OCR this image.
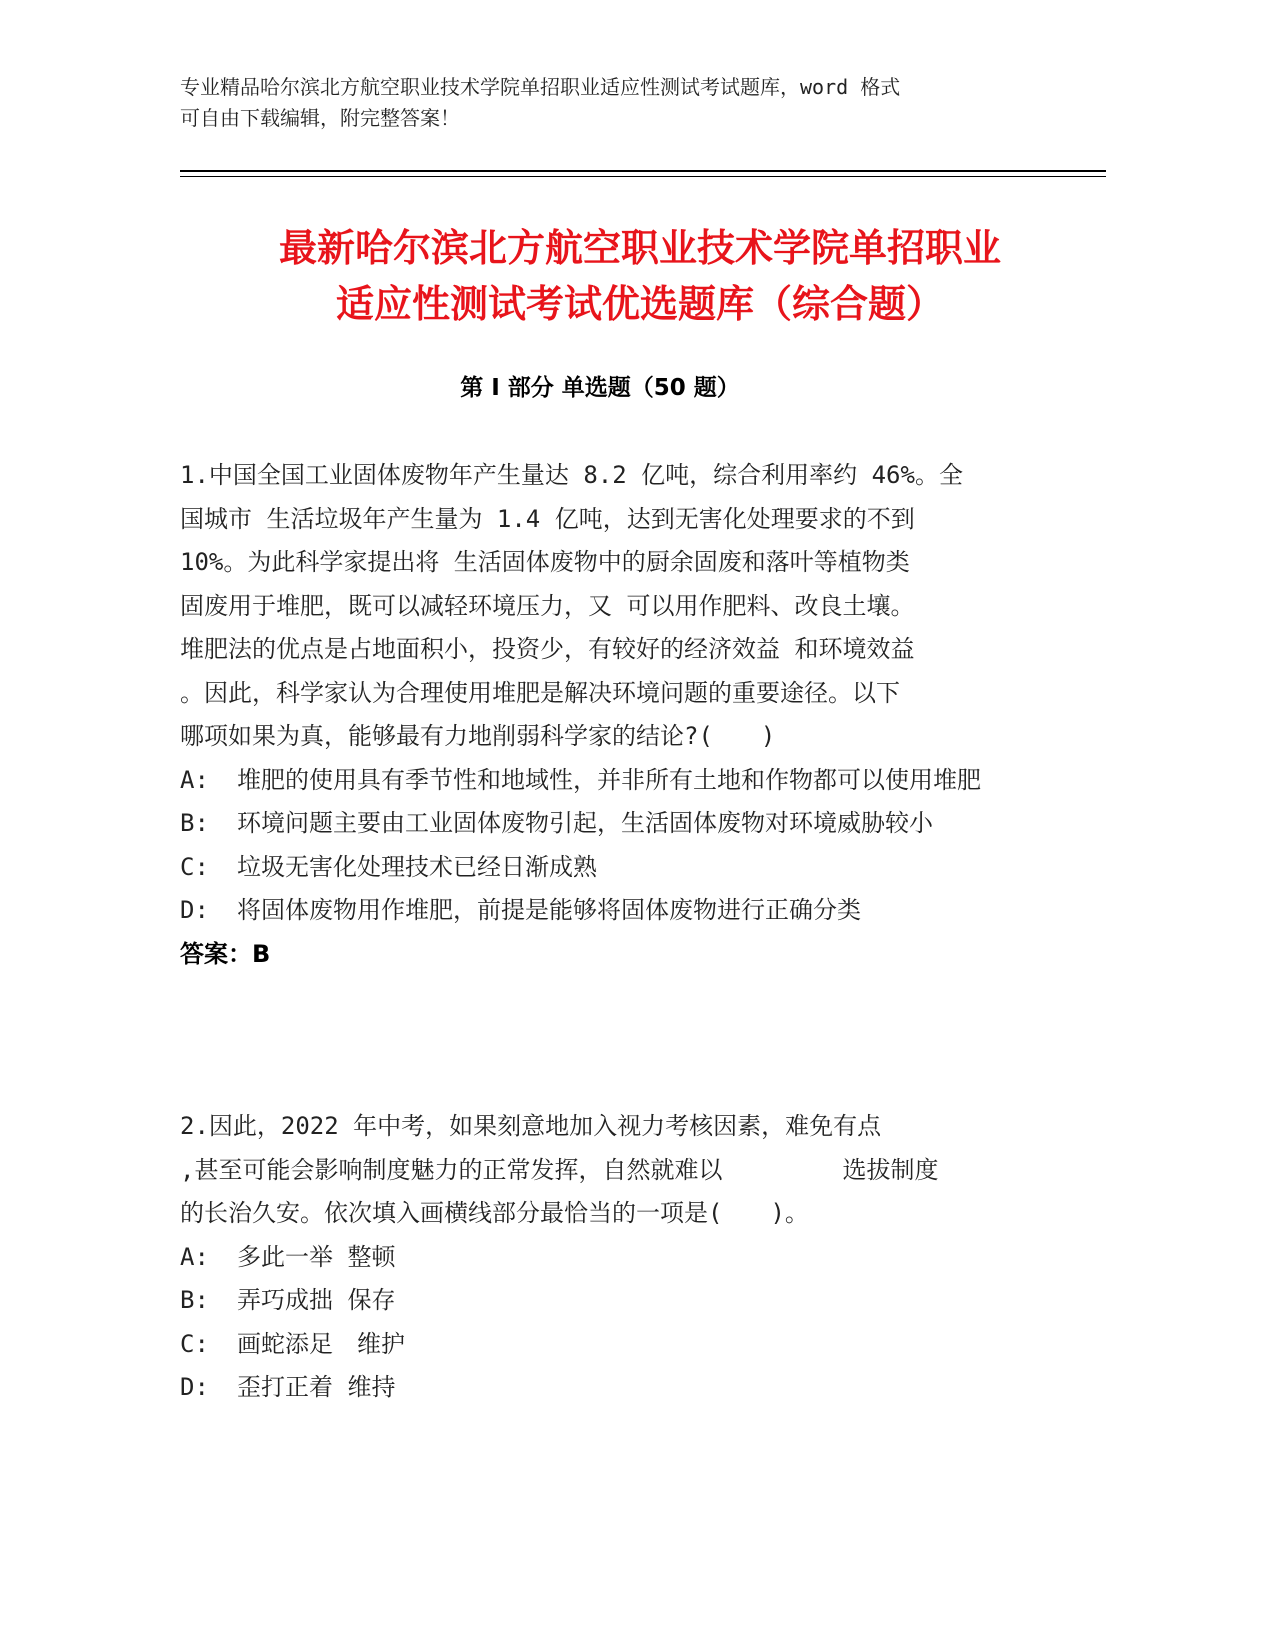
专业精品哈尔滨北方航空职业技术学院单招职业适应性测试考试题库，word 格式
可自由下载编辑，附完整答案！
最新哈尔滨北方航空职业技术学院单招职业
适应性测试考试优选题库（综合题）
第 I 部分 单选题（50 题）

1.中国全国工业固体废物年产生量达 8.2 亿吨，综合利用率约 46%。全

国城市 生活垃圾年产生量为 1.4 亿吨，达到无害化处理要求的不到

10%。为此科学家提出将 生活固体废物中的厨余固废和落叶等植物类

固废用于堆肥，既可以减轻环境压力，又 可以用作肥料、改良土壤。

堆肥法的优点是占地面积小，投资少，有较好的经济效益 和环境效益

。因此，科学家认为合理使用堆肥是解决环境问题的重要途径。以下

哪项如果为真，能够最有力地削弱科学家的结论?(　　)

A:	堆肥的使用具有季节性和地域性，并非所有土地和作物都可以使用堆肥
B:	环境问题主要由工业固体废物引起，生活固体废物对环境威胁较小
C:	垃圾无害化处理技术已经日渐成熟
D:	将固体废物用作堆肥，前提是能够将固体废物进行正确分类

答案：B

2.因此，2022 年中考，如果刻意地加入视力考核因素，难免有点

,甚至可能会影响制度魅力的正常发挥，自然就难以　　　　　选拔制度

的长治久安。依次填入画横线部分最恰当的一项是(　　)。

A:	多此一举 整顿
B:	弄巧成拙 保存
C:	画蛇添足　维护
D:	歪打正着 维持
